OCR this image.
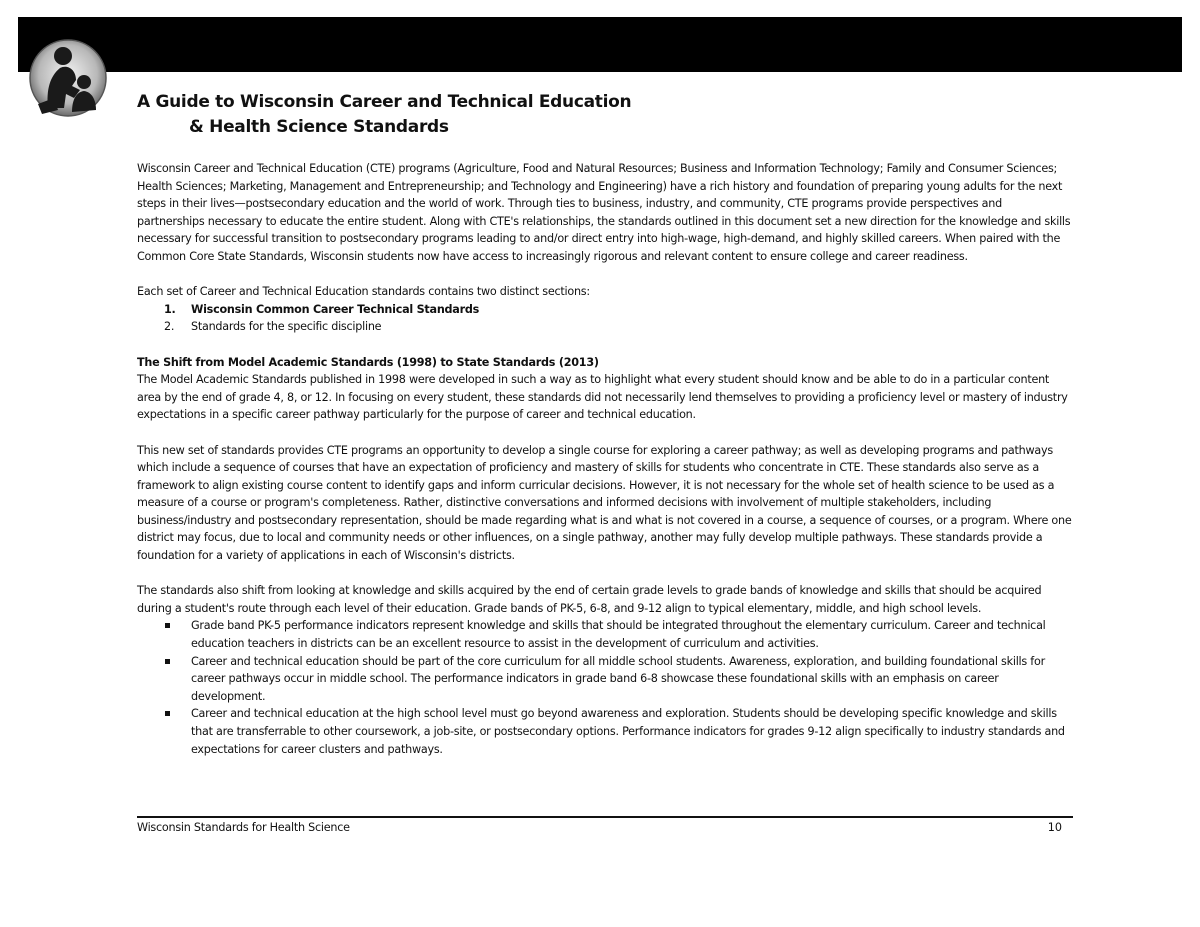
A Guide to Wisconsin Career and Technical Education
& Health Science Standards

Wisconsin Career and Technical Education (CTE) programs (Agriculture, Food and Natural Resources; Business and Information Technology; Family and Consumer Sciences; Health Sciences; Marketing, Management and Entrepreneurship; and Technology and Engineering) have a rich history and foundation of preparing young adults for the next steps in their lives—postsecondary education and the world of work. Through ties to business, industry, and community, CTE programs provide perspectives and partnerships necessary to educate the entire student. Along with CTE's relationships, the standards outlined in this document set a new direction for the knowledge and skills necessary for successful transition to postsecondary programs leading to and/or direct entry into high-wage, high-demand, and highly skilled careers. When paired with the Common Core State Standards, Wisconsin students now have access to increasingly rigorous and relevant content to ensure college and career readiness.

Each set of Career and Technical Education standards contains two distinct sections:

1. Wisconsin Common Career Technical Standards
2. Standards for the specific discipline

The Shift from Model Academic Standards (1998) to State Standards (2013)

The Model Academic Standards published in 1998 were developed in such a way as to highlight what every student should know and be able to do in a particular content area by the end of grade 4, 8, or 12. In focusing on every student, these standards did not necessarily lend themselves to providing a proficiency level or mastery of industry expectations in a specific career pathway particularly for the purpose of career and technical education.

This new set of standards provides CTE programs an opportunity to develop a single course for exploring a career pathway; as well as developing programs and pathways which include a sequence of courses that have an expectation of proficiency and mastery of skills for students who concentrate in CTE. These standards also serve as a framework to align existing course content to identify gaps and inform curricular decisions. However, it is not necessary for the whole set of health science to be used as a measure of a course or program's completeness. Rather, distinctive conversations and informed decisions with involvement of multiple stakeholders, including business/industry and postsecondary representation, should be made regarding what is and what is not covered in a course, a sequence of courses, or a program. Where one district may focus, due to local and community needs or other influences, on a single pathway, another may fully develop multiple pathways. These standards provide a foundation for a variety of applications in each of Wisconsin's districts.

The standards also shift from looking at knowledge and skills acquired by the end of certain grade levels to grade bands of knowledge and skills that should be acquired during a student's route through each level of their education. Grade bands of PK-5, 6-8, and 9-12 align to typical elementary, middle, and high school levels.

Grade band PK-5 performance indicators represent knowledge and skills that should be integrated throughout the elementary curriculum. Career and technical education teachers in districts can be an excellent resource to assist in the development of curriculum and activities.
Career and technical education should be part of the core curriculum for all middle school students. Awareness, exploration, and building foundational skills for career pathways occur in middle school. The performance indicators in grade band 6-8 showcase these foundational skills with an emphasis on career development.
Career and technical education at the high school level must go beyond awareness and exploration. Students should be developing specific knowledge and skills that are transferrable to other coursework, a job-site, or postsecondary options. Performance indicators for grades 9-12 align specifically to industry standards and expectations for career clusters and pathways.
Wisconsin Standards for Health Science	10
